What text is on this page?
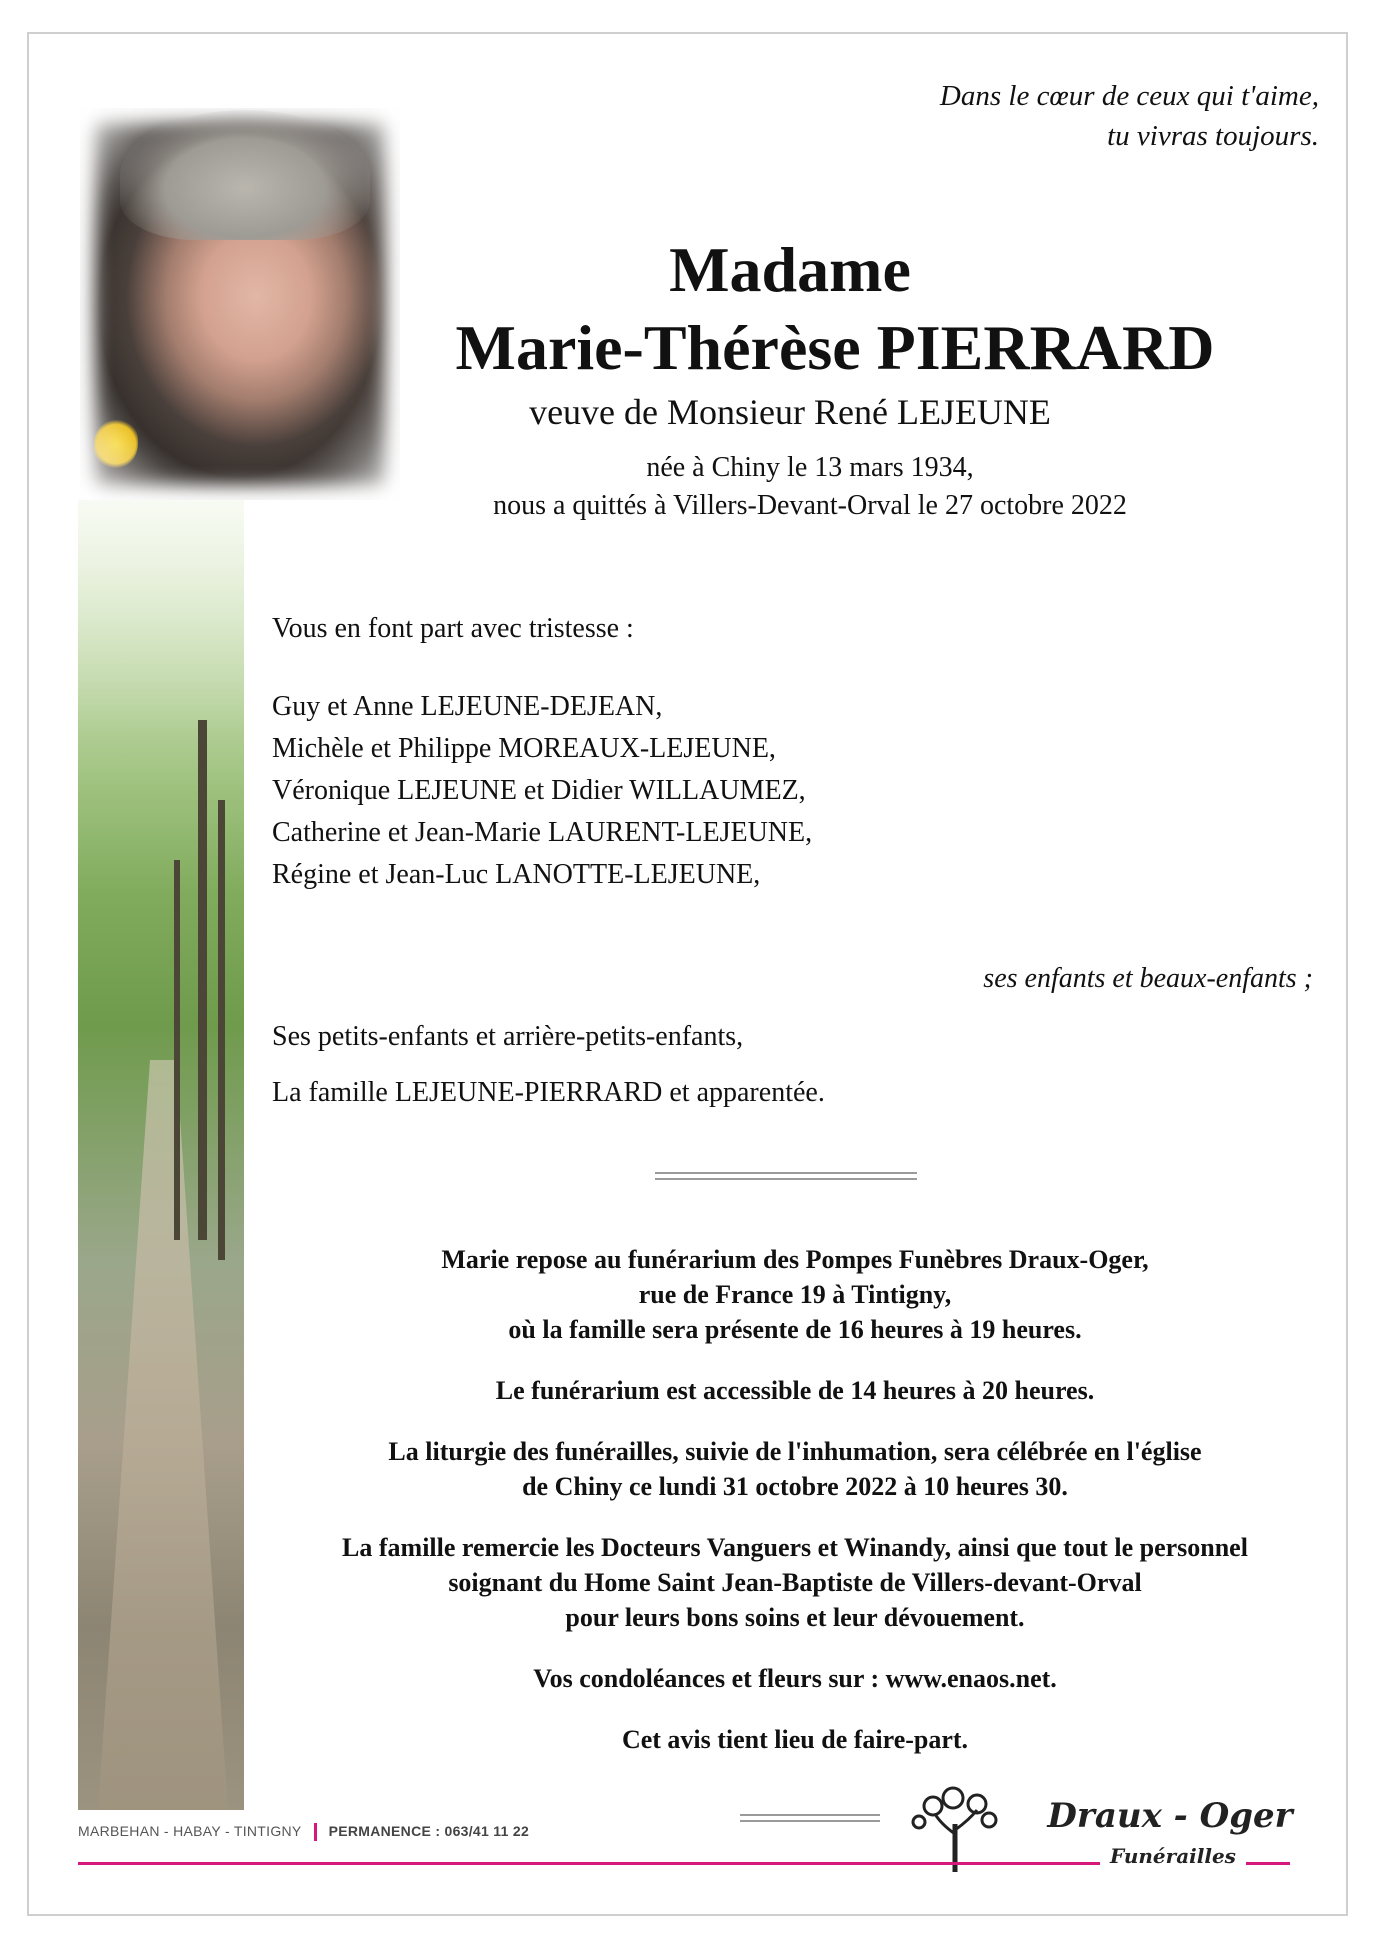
Dans le cœur de ceux qui t'aime,
tu vivras toujours.
Madame
Marie-Thérèse PIERRARD
veuve de Monsieur René LEJEUNE
née à Chiny le 13 mars 1934,
nous a quittés à Villers-Devant-Orval le 27 octobre 2022
Vous en font part avec tristesse :
Guy et Anne LEJEUNE-DEJEAN,
Michèle et Philippe MOREAUX-LEJEUNE,
Véronique LEJEUNE et Didier WILLAUMEZ,
Catherine et Jean-Marie LAURENT-LEJEUNE,
Régine et Jean-Luc LANOTTE-LEJEUNE,
ses enfants et beaux-enfants ;
Ses petits-enfants et arrière-petits-enfants,
La famille LEJEUNE-PIERRARD et apparentée.
Marie repose au funérarium des Pompes Funèbres Draux-Oger,
rue de France 19 à Tintigny,
où la famille sera présente de 16 heures à 19 heures.
Le funérarium est accessible de 14 heures à 20 heures.
La liturgie des funérailles, suivie de l'inhumation, sera célébrée en l'église
de Chiny ce lundi 31 octobre 2022 à 10 heures 30.
La famille remercie les Docteurs Vanguers et Winandy, ainsi que tout le personnel
soignant du Home Saint Jean-Baptiste de Villers-devant-Orval
pour leurs bons soins et leur dévouement.
Vos condoléances et fleurs sur : www.enaos.net.
Cet avis tient lieu de faire-part.
MARBEHAN - HABAY - TINTIGNY PERMANENCE : 063/41 11 22	Draux - Oger
Funérailles
